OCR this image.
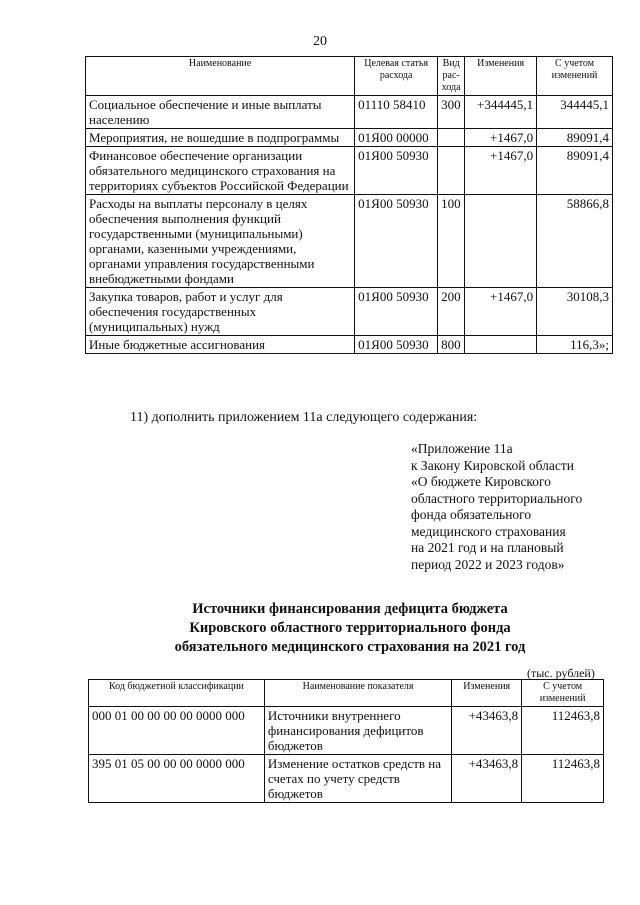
20
Наименование	Целевая статья расхода	Вид рас-хода	Изменения	С учетом изменений
Социальное обеспечение и иные выплаты населению	01110 58410	300	+344445,1	344445,1
Мероприятия, не вошедшие в подпрограммы	01Я00 00000		+1467,0	89091,4
Финансовое обеспечение организации обязательного медицинского страхования на территориях субъектов Российской Федерации	01Я00 50930		+1467,0	89091,4
Расходы на выплаты персоналу в целях обеспечения выполнения функций государственными (муниципальными) органами, казенными учреждениями, органами управления государственными внебюджетными фондами	01Я00 50930	100		58866,8
Закупка товаров, работ и услуг для обеспечения государственных (муниципальных) нужд	01Я00 50930	200	+1467,0	30108,3
Иные бюджетные ассигнования	01Я00 50930	800		116,3»;
11) дополнить приложением 11а следующего содержания:
«Приложение 11а
к Закону Кировской области
«О бюджете Кировского
областного территориального
фонда обязательного
медицинского страхования
на 2021 год и на плановый
период 2022 и 2023 годов»
Источники финансирования дефицита бюджета
Кировского областного территориального фонда
обязательного медицинского страхования на 2021 год
(тыс. рублей)
Код бюджетной классификации	Наименование показателя	Изменения	С учетом изменений
000 01 00 00 00 00 0000 000	Источники внутреннего финансирования дефицитов бюджетов	+43463,8	112463,8
395 01 05 00 00 00 0000 000	Изменение остатков средств на счетах по учету средств бюджетов	+43463,8	112463,8
